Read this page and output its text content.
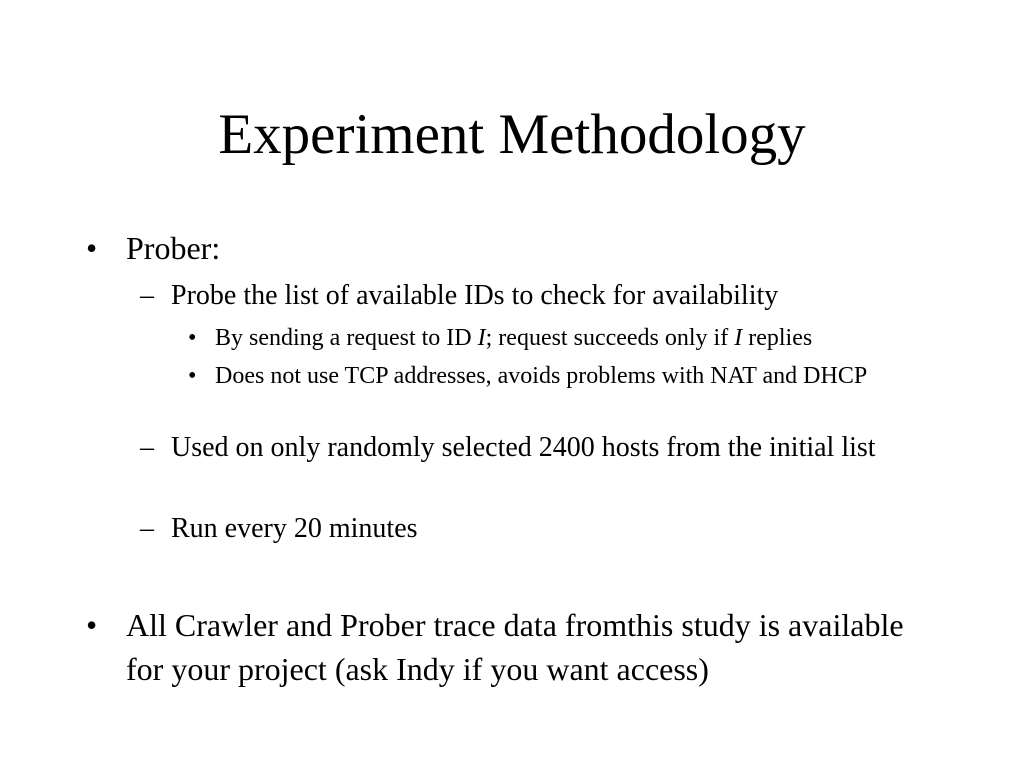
Experiment Methodology
• Prober:
– Probe the list of available IDs to check for availability
• By sending a request to ID I; request succeeds only if I replies
• Does not use TCP addresses, avoids problems with NAT and DHCP
– Used on only randomly selected 2400 hosts from the initial list
– Run every 20 minutes
• All Crawler and Prober trace data fromthis study is available for your project (ask Indy if you want access)
